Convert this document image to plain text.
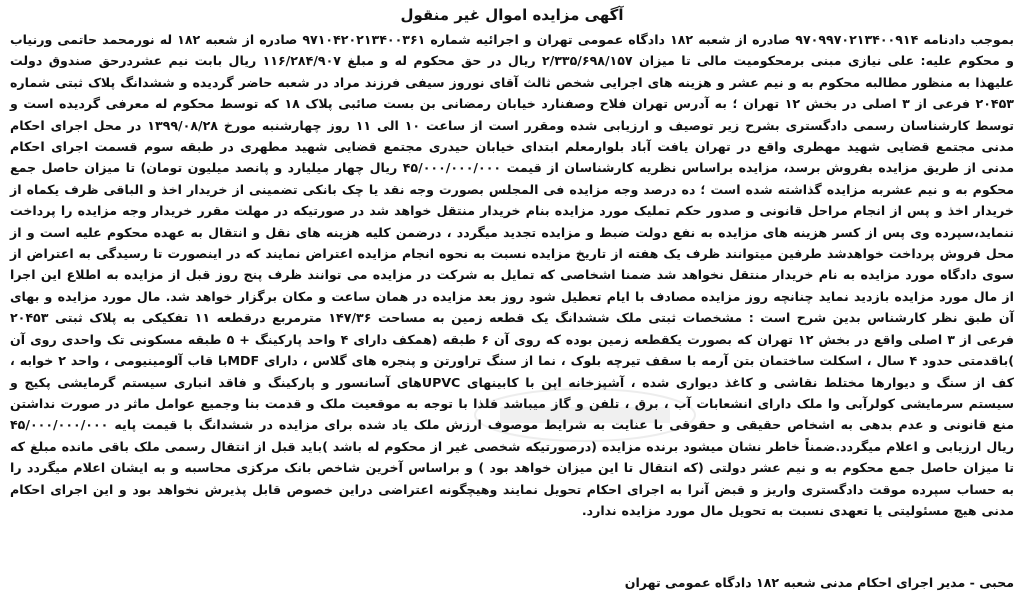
آگهی مزایده اموال غیر منقول

بموجب دادنامه ۹۷۰۹۹۷۰۲۱۳۴۰۰۹۱۴ صادره از شعبه ۱۸۲ دادگاه عمومی تهران و اجرائیه شماره ۹۷۱۰۴۲۰۲۱۳۴۰۰۳۶۱ صادره از شعبه ۱۸۲ له نورمحمد حاتمی ورنیاب و محکوم علیه: علی نیازی مبنی برمحکومیت مالی تا میزان ۲/۳۳۵/۶۹۸/۱۵۷ ریال در حق محکوم له و مبلغ ۱۱۶/۲۸۴/۹۰۷ ریال بابت نیم عشردرحق صندوق دولت علیهذا به منظور مطالبه محکوم به و نیم عشر و هزینه های اجرایی شخص ثالث آقای نوروز سیفی فرزند مراد در شعبه حاضر گردیده و ششدانگ پلاک ثبتی شماره ۲۰۴۵۳ فرعی از ۳ اصلی در بخش ۱۲ تهران ؛ به آدرس تهران فلاح وصفنارد خیابان رمضانی بن بست صائبی پلاک ۱۸ که توسط محکوم له معرفی گردیده است و توسط کارشناسان رسمی دادگستری بشرح زیر توصیف و ارزیابی شده ومقرر است از ساعت ۱۰ الی ۱۱ روز چهارشنبه مورخ ۱۳۹۹/۰۸/۲۸ در محل اجرای احکام مدنی مجتمع قضایی شهید مهطری واقع در تهران یافت آباد بلوارمعلم ابتدای خیابان حیدری مجتمع قضایی شهید مطهری در طبقه سوم قسمت اجرای احکام مدنی از طریق مزایده بفروش برسد، مزایده براساس نظریه کارشناسان از قیمت ۴۵/۰۰۰/۰۰۰/۰۰۰ ریال چهار میلیارد و پانصد میلیون تومان) تا میزان حاصل جمع محکوم به و نیم عشربه مزایده گذاشته شده است ؛ ده درصد وجه مزایده فی المجلس بصورت وجه نقد یا چک بانکی تضمینی از خریدار اخذ و الباقی ظرف یکماه از خریدار اخذ و پس از انجام مراحل قانونی و صدور حکم تملیک مورد مزایده بنام خریدار منتقل خواهد شد در صورتیکه در مهلت مقرر خریدار وجه مزایده را پرداخت ننماید،سپرده وی پس از کسر هزینه های مزایده به نفع دولت ضبط و مزایده تجدید میگردد ، درضمن کلیه هزینه های نقل و انتقال به عهده محکوم علیه است و از محل فروش پرداخت خواهدشد طرفین میتوانند ظرف یک هفته از تاریخ مزایده نسبت به نحوه انجام مزایده اعتراض نمایند که در اینصورت تا رسیدگی به اعتراض از سوی دادگاه مورد مزایده به نام خریدار منتقل نخواهد شد ضمنا اشخاصی که تمایل به شرکت در مزایده می توانند ظرف پنج روز قبل از مزایده به اطلاع این اجرا از مال مورد مزایده بازدید نماید چنانچه روز مزایده مصادف با ایام تعطیل شود روز بعد مزایده در همان ساعت و مکان برگزار خواهد شد. مال مورد مزایده و بهای آن طبق نظر کارشناس بدین شرح است : مشخصات ثبتی ملک ششدانگ یک قطعه زمین به مساحت ۱۴۷/۳۶ مترمربع درقطعه ۱۱ تفکیکی به پلاک ثبتی ۲۰۴۵۳ فرعی از ۳ اصلی واقع در بخش ۱۲ تهران که بصورت یکقطعه زمین بوده که روی آن ۶ طبقه (همکف دارای ۴ واحد پارکینگ + ۵ طبقه مسکونی تک واحدی روی آن )باقدمتی حدود ۴ سال ، اسکلت ساختمان بتن آرمه با سقف تیرچه بلوک ، نما از سنگ تراورتن و پنجره های گلاس ، دارای MDFبا قاب آلومینیومی ، واحد ۲ خوابه ، کف از سنگ و دیوارها مختلط نقاشی و کاغذ دیواری شده ، آشپزخانه اپن با کابینهای UPVCهای آسانسور و پارکینگ و فاقد انباری سیستم گرمایشی پکیج و سیستم سرمایشی کولرآبی وا ملک دارای انشعابات آب ، برق ، تلفن و گاز میباشد فلذا با توجه به موقعیت ملک و قدمت بنا وجمیع عوامل ماثر در صورت نداشتن منع قانونی و عدم بدهی به اشخاص حقیقی و حقوقی با عنایت به شرایط موصوف ارزش ملک یاد شده برای مزایده در ششدانگ با قیمت پایه ۴۵/۰۰۰/۰۰۰/۰۰۰ ریال ارزیابی و اعلام میگردد.ضمناً خاطر نشان میشود برنده مزایده (درصورتیکه شخصی غیر از محکوم له باشد )باید قبل از انتقال رسمی ملک باقی مانده مبلغ که تا میزان حاصل جمع محکوم به و نیم عشر دولتی (که انتقال تا این میزان خواهد بود ) و براساس آخرین شاخص بانک مرکزی محاسبه و به ایشان اعلام میگردد را به حساب سپرده موقت دادگستری واریز و قبض آنرا به اجرای احکام تحویل نمایند وهیچگونه اعتراضی دراین خصوص قابل پذیرش نخواهد بود و این اجرای احکام مدنی هیچ مسئولیتی یا تعهدی نسبت به تحویل مال مورد مزایده ندارد.

محبی - مدیر اجرای احکام مدنی شعبه ۱۸۲ دادگاه عمومی تهران
